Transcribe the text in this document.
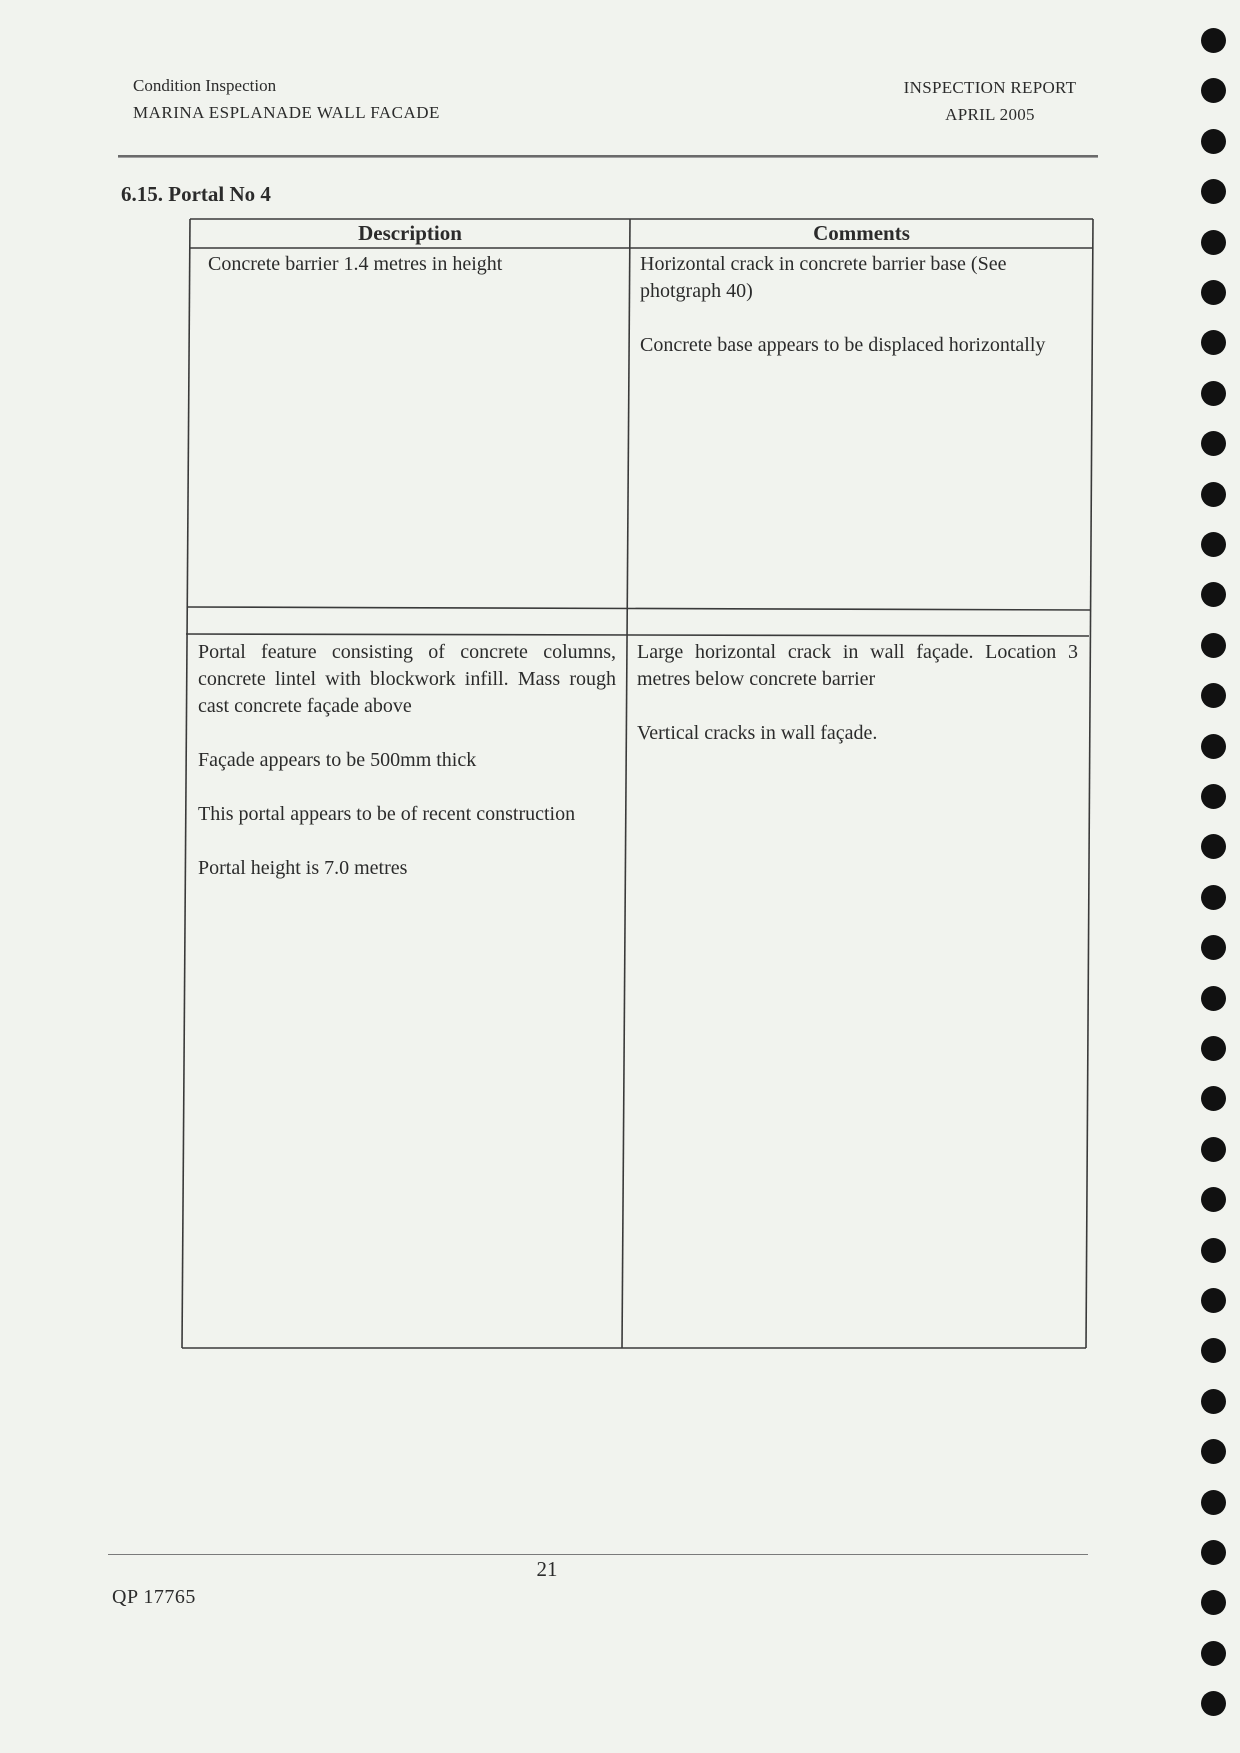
Condition Inspection
MARINA ESPLANADE WALL FACADE
INSPECTION REPORT
APRIL 2005
6.15. Portal No 4
Description	Comments

Concrete barrier 1.4 metres in height	Horizontal crack in concrete barrier base (See photgraph 40)

Concrete base appears to be displaced horizontally

Portal feature consisting of concrete columns, concrete lintel with blockwork infill. Mass rough cast concrete façade above

Façade appears to be 500mm thick

This portal appears to be of recent construction

Portal height is 7.0 metres

Large horizontal crack in wall façade. Location 3 metres below concrete barrier

Vertical cracks in wall façade.

21
QP 17765
